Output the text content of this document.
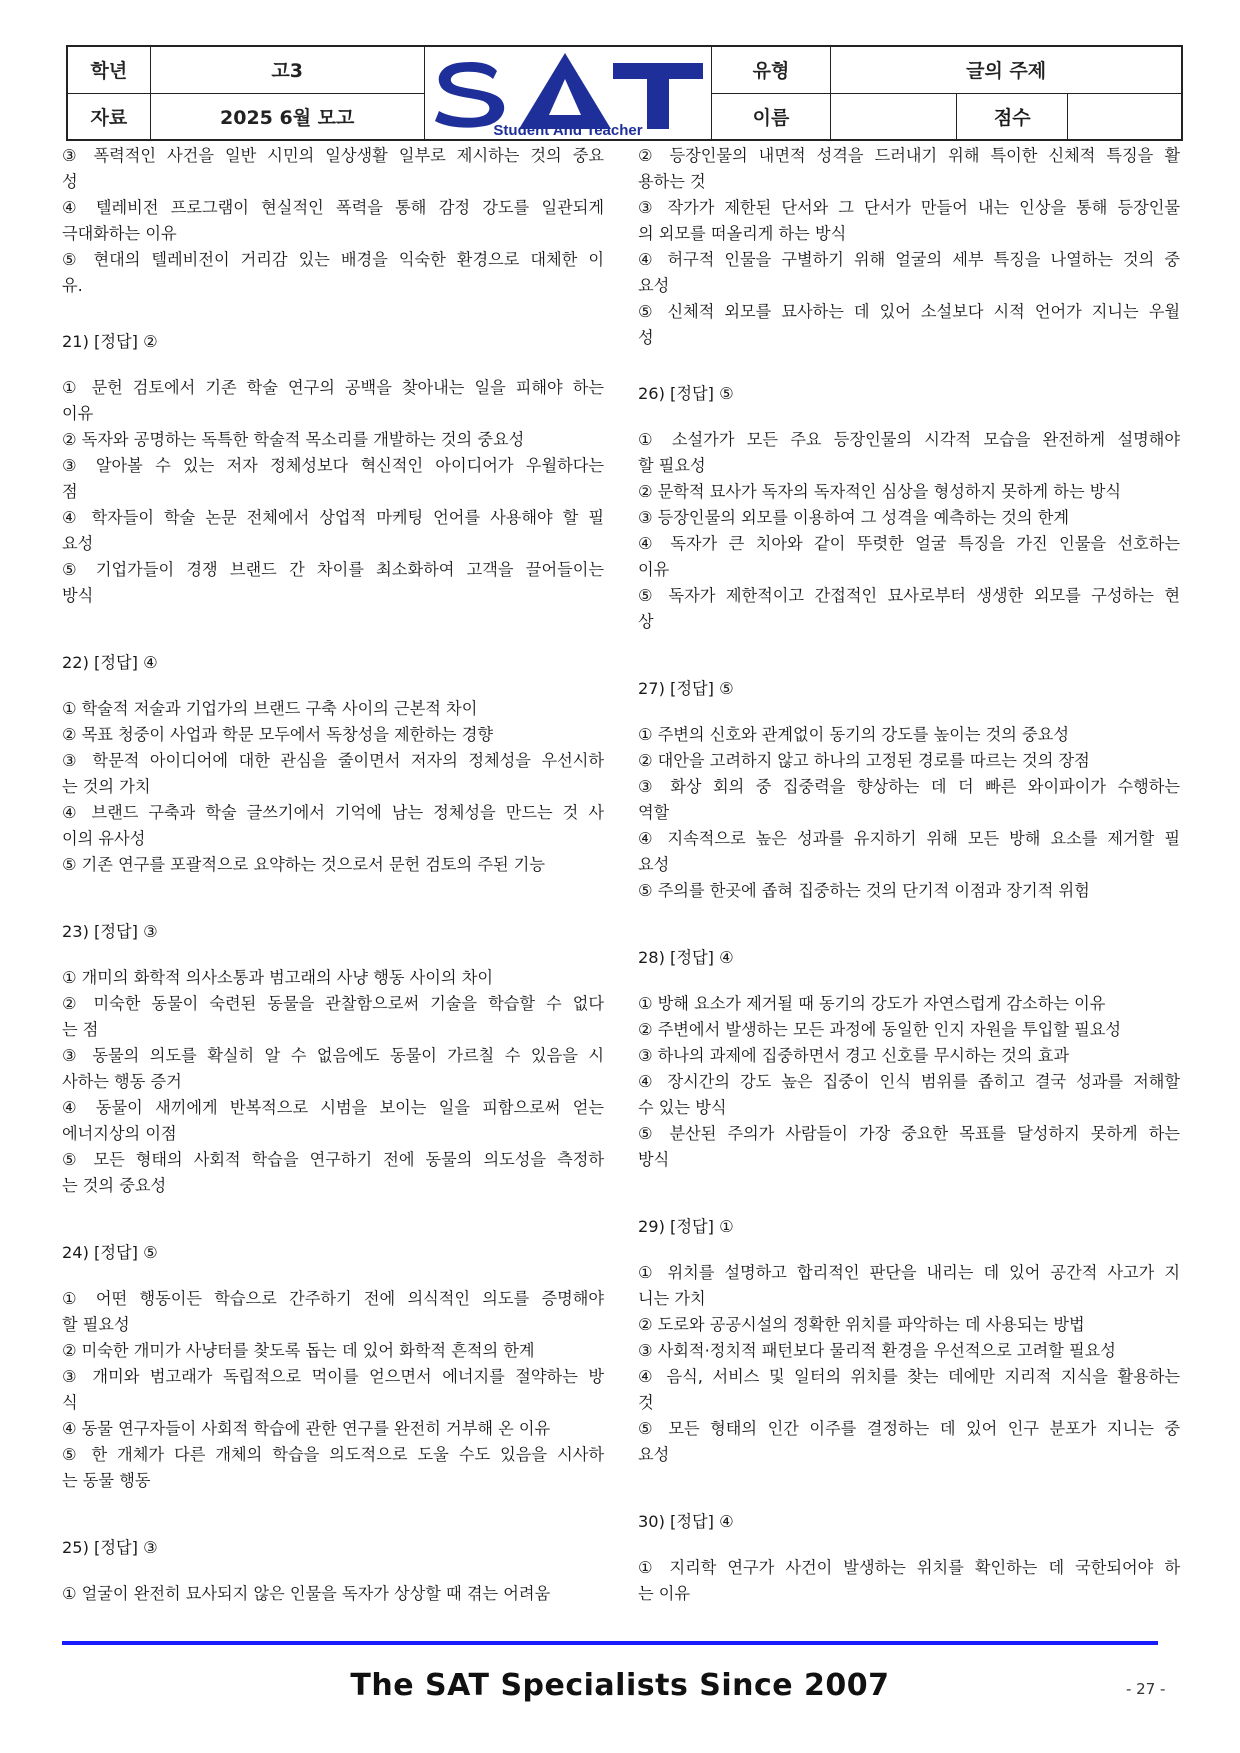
학년
자료
고3
2025 6월 모고
Student And Teacher
유형
이름
글의 주제
점수
③ 폭력적인 사건을 일반 시민의 일상생활 일부로 제시하는 것의 중요
성
④ 텔레비전 프로그램이 현실적인 폭력을 통해 감정 강도를 일관되게
극대화하는 이유
⑤ 현대의 텔레비전이 거리감 있는 배경을 익숙한 환경으로 대체한 이
유.
21) [정답] ②
① 문헌 검토에서 기존 학술 연구의 공백을 찾아내는 일을 피해야 하는
이유
② 독자와 공명하는 독특한 학술적 목소리를 개발하는 것의 중요성
③ 알아볼 수 있는 저자 정체성보다 혁신적인 아이디어가 우월하다는
점
④ 학자들이 학술 논문 전체에서 상업적 마케팅 언어를 사용해야 할 필
요성
⑤ 기업가들이 경쟁 브랜드 간 차이를 최소화하여 고객을 끌어들이는
방식
22) [정답] ④
① 학술적 저술과 기업가의 브랜드 구축 사이의 근본적 차이
② 목표 청중이 사업과 학문 모두에서 독창성을 제한하는 경향
③ 학문적 아이디어에 대한 관심을 줄이면서 저자의 정체성을 우선시하
는 것의 가치
④ 브랜드 구축과 학술 글쓰기에서 기억에 남는 정체성을 만드는 것 사
이의 유사성
⑤ 기존 연구를 포괄적으로 요약하는 것으로서 문헌 검토의 주된 기능
23) [정답] ③
① 개미의 화학적 의사소통과 범고래의 사냥 행동 사이의 차이
② 미숙한 동물이 숙련된 동물을 관찰함으로써 기술을 학습할 수 없다
는 점
③ 동물의 의도를 확실히 알 수 없음에도 동물이 가르칠 수 있음을 시
사하는 행동 증거
④ 동물이 새끼에게 반복적으로 시범을 보이는 일을 피함으로써 얻는
에너지상의 이점
⑤ 모든 형태의 사회적 학습을 연구하기 전에 동물의 의도성을 측정하
는 것의 중요성
24) [정답] ⑤
① 어떤 행동이든 학습으로 간주하기 전에 의식적인 의도를 증명해야
할 필요성
② 미숙한 개미가 사냥터를 찾도록 돕는 데 있어 화학적 흔적의 한계
③ 개미와 범고래가 독립적으로 먹이를 얻으면서 에너지를 절약하는 방
식
④ 동물 연구자들이 사회적 학습에 관한 연구를 완전히 거부해 온 이유
⑤ 한 개체가 다른 개체의 학습을 의도적으로 도울 수도 있음을 시사하
는 동물 행동
25) [정답] ③
① 얼굴이 완전히 묘사되지 않은 인물을 독자가 상상할 때 겪는 어려움
② 등장인물의 내면적 성격을 드러내기 위해 특이한 신체적 특징을 활
용하는 것
③ 작가가 제한된 단서와 그 단서가 만들어 내는 인상을 통해 등장인물
의 외모를 떠올리게 하는 방식
④ 허구적 인물을 구별하기 위해 얼굴의 세부 특징을 나열하는 것의 중
요성
⑤ 신체적 외모를 묘사하는 데 있어 소설보다 시적 언어가 지니는 우월
성
26) [정답] ⑤
① 소설가가 모든 주요 등장인물의 시각적 모습을 완전하게 설명해야
할 필요성
② 문학적 묘사가 독자의 독자적인 심상을 형성하지 못하게 하는 방식
③ 등장인물의 외모를 이용하여 그 성격을 예측하는 것의 한계
④ 독자가 큰 치아와 같이 뚜렷한 얼굴 특징을 가진 인물을 선호하는
이유
⑤ 독자가 제한적이고 간접적인 묘사로부터 생생한 외모를 구성하는 현
상
27) [정답] ⑤
① 주변의 신호와 관계없이 동기의 강도를 높이는 것의 중요성
② 대안을 고려하지 않고 하나의 고정된 경로를 따르는 것의 장점
③ 화상 회의 중 집중력을 향상하는 데 더 빠른 와이파이가 수행하는
역할
④ 지속적으로 높은 성과를 유지하기 위해 모든 방해 요소를 제거할 필
요성
⑤ 주의를 한곳에 좁혀 집중하는 것의 단기적 이점과 장기적 위험
28) [정답] ④
① 방해 요소가 제거될 때 동기의 강도가 자연스럽게 감소하는 이유
② 주변에서 발생하는 모든 과정에 동일한 인지 자원을 투입할 필요성
③ 하나의 과제에 집중하면서 경고 신호를 무시하는 것의 효과
④ 장시간의 강도 높은 집중이 인식 범위를 좁히고 결국 성과를 저해할
수 있는 방식
⑤ 분산된 주의가 사람들이 가장 중요한 목표를 달성하지 못하게 하는
방식
29) [정답] ①
① 위치를 설명하고 합리적인 판단을 내리는 데 있어 공간적 사고가 지
니는 가치
② 도로와 공공시설의 정확한 위치를 파악하는 데 사용되는 방법
③ 사회적·정치적 패턴보다 물리적 환경을 우선적으로 고려할 필요성
④ 음식, 서비스 및 일터의 위치를 찾는 데에만 지리적 지식을 활용하는
것
⑤ 모든 형태의 인간 이주를 결정하는 데 있어 인구 분포가 지니는 중
요성
30) [정답] ④
① 지리학 연구가 사건이 발생하는 위치를 확인하는 데 국한되어야 하
는 이유
The SAT Specialists Since 2007	- 27 -
